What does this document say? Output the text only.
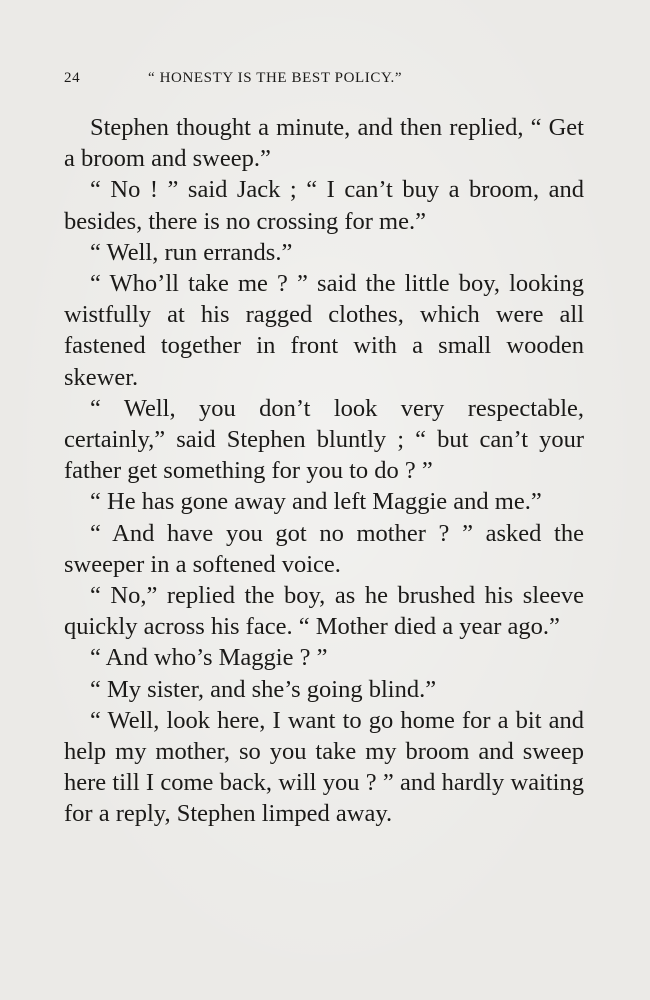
24	“ HONESTY IS THE BEST POLICY.”

Stephen thought a minute, and then replied, “ Get a broom and sweep.”

“ No ! ” said Jack ; “ I can’t buy a broom, and besides, there is no crossing for me.”

“ Well, run errands.”

“ Who’ll take me ? ” said the little boy, looking wistfully at his ragged clothes, which were all fastened together in front with a small wooden skewer.

“ Well, you don’t look very respectable, certainly,” said Stephen bluntly ; “ but can’t your father get something for you to do ? ”

“ He has gone away and left Maggie and me.”

“ And have you got no mother ? ” asked the sweeper in a softened voice.

“ No,” replied the boy, as he brushed his sleeve quickly across his face. “ Mother died a year ago.”

“ And who’s Maggie ? ”

“ My sister, and she’s going blind.”

“ Well, look here, I want to go home for a bit and help my mother, so you take my broom and sweep here till I come back, will you ? ” and hardly waiting for a reply, Stephen limped away.
